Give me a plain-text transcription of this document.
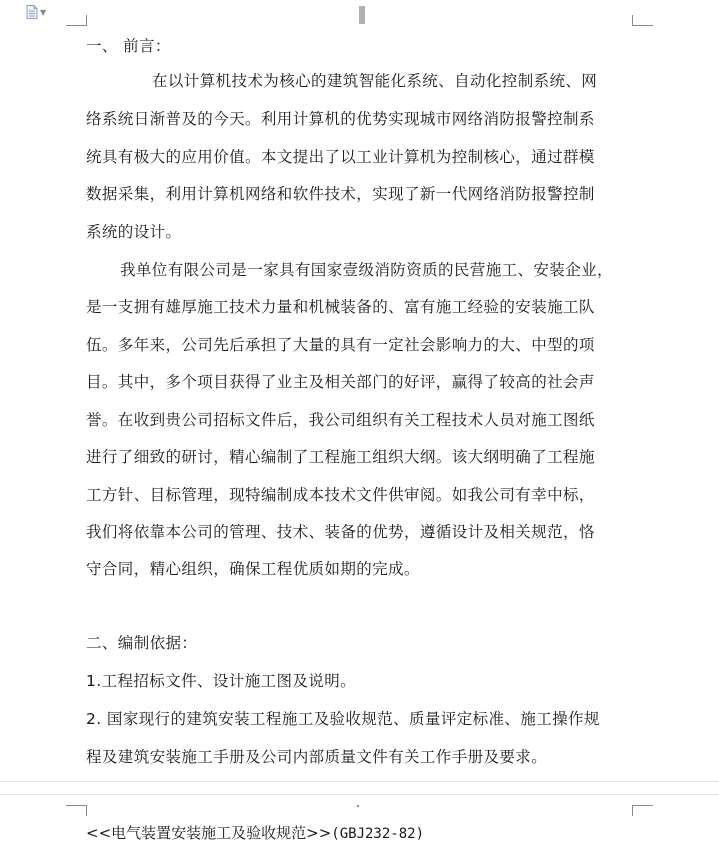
▼
一、 前言：
在以计算机技术为核心的建筑智能化系统、自动化控制系统、网
络系统日渐普及的今天。利用计算机的优势实现城市网络消防报警控制系
统具有极大的应用价值。本文提出了以工业计算机为控制核心，通过群模
数据采集，利用计算机网络和软件技术，实现了新一代网络消防报警控制
系统的设计。
我单位有限公司是一家具有国家壹级消防资质的民营施工、安装企业，
是一支拥有雄厚施工技术力量和机械装备的、富有施工经验的安装施工队
伍。多年来，公司先后承担了大量的具有一定社会影响力的大、中型的项
目。其中，多个项目获得了业主及相关部门的好评，赢得了较高的社会声
誉。在收到贵公司招标文件后，我公司组织有关工程技术人员对施工图纸
进行了细致的研讨，精心编制了工程施工组织大纲。该大纲明确了工程施
工方针、目标管理，现特编制成本技术文件供审阅。如我公司有幸中标，
我们将依靠本公司的管理、技术、装备的优势，遵循设计及相关规范，恪
守合同，精心组织，确保工程优质如期的完成。
二、编制依据：
1.工程招标文件、设计施工图及说明。
2. 国家现行的建筑安装工程施工及验收规范、质量评定标准、施工操作规
程及建筑安装施工手册及公司内部质量文件有关工作手册及要求。
<<电气装置安装施工及验收规范>>(GBJ232-82)
